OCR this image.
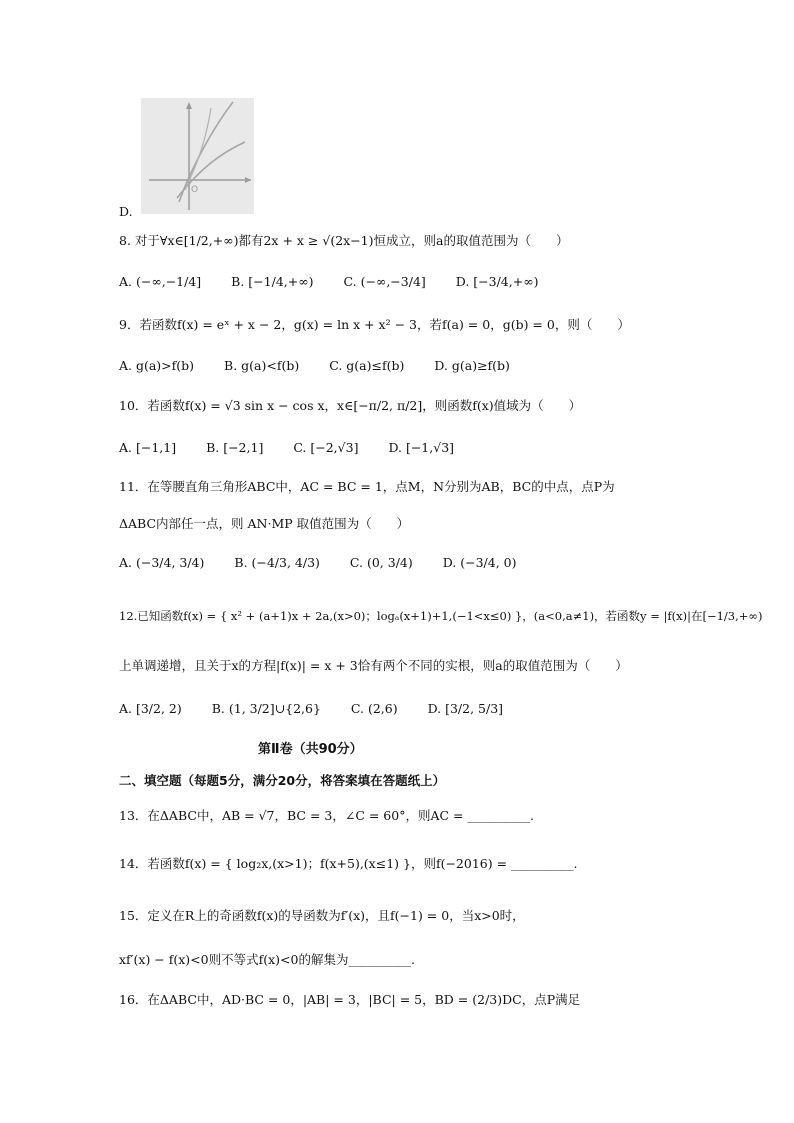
O
D.
8. 对于∀x∈[1/2,+∞)都有2x + x ≥ √(2x−1)恒成立，则a的取值范围为（　　）
A. (−∞,−1/4] B. [−1/4,+∞) C. (−∞,−3/4] D. [−3/4,+∞)
9．若函数f(x) = eˣ + x − 2，g(x) = ln x + x² − 3，若f(a) = 0，g(b) = 0，则（　　）
A. g(a)>f(b) B. g(a)<f(b) C. g(a)≤f(b) D. g(a)≥f(b)
10．若函数f(x) = √3 sin x − cos x，x∈[−π/2, π/2]，则函数f(x)值域为（　　）
A. [−1,1] B. [−2,1] C. [−2,√3] D. [−1,√3]
11．在等腰直角三角形ABC中，AC = BC = 1，点M，N分别为AB，BC的中点，点P为
ΔABC内部任一点，则 AN·MP 取值范围为（　　）
A. (−3/4, 3/4) B. (−4/3, 4/3) C. (0, 3/4) D. (−3/4, 0)
12.已知函数f(x) = { x² + (a+1)x + 2a,(x>0)；logₐ(x+1)+1,(−1<x≤0) }，(a<0,a≠1)，若函数y = |f(x)|在[−1/3,+∞)
上单调递增，且关于x的方程|f(x)| = x + 3恰有两个不同的实根，则a的取值范围为（　　）
A. [3/2, 2) B. (1, 3/2]∪{2,6} C. (2,6) D. [3/2, 5/3]
第Ⅱ卷（共90分）
二、填空题（每题5分，满分20分，将答案填在答题纸上）
13．在ΔABC中，AB = √7，BC = 3，∠C = 60°，则AC = __________.
14．若函数f(x) = { log₂x,(x>1)；f(x+5),(x≤1) }，则f(−2016) = __________.
15．定义在R上的奇函数f(x)的导函数为f′(x)，且f(−1) = 0，当x>0时，
xf′(x) − f(x)<0则不等式f(x)<0的解集为__________.
16．在ΔABC中，AD·BC = 0，|AB| = 3，|BC| = 5，BD = (2/3)DC，点P满足
